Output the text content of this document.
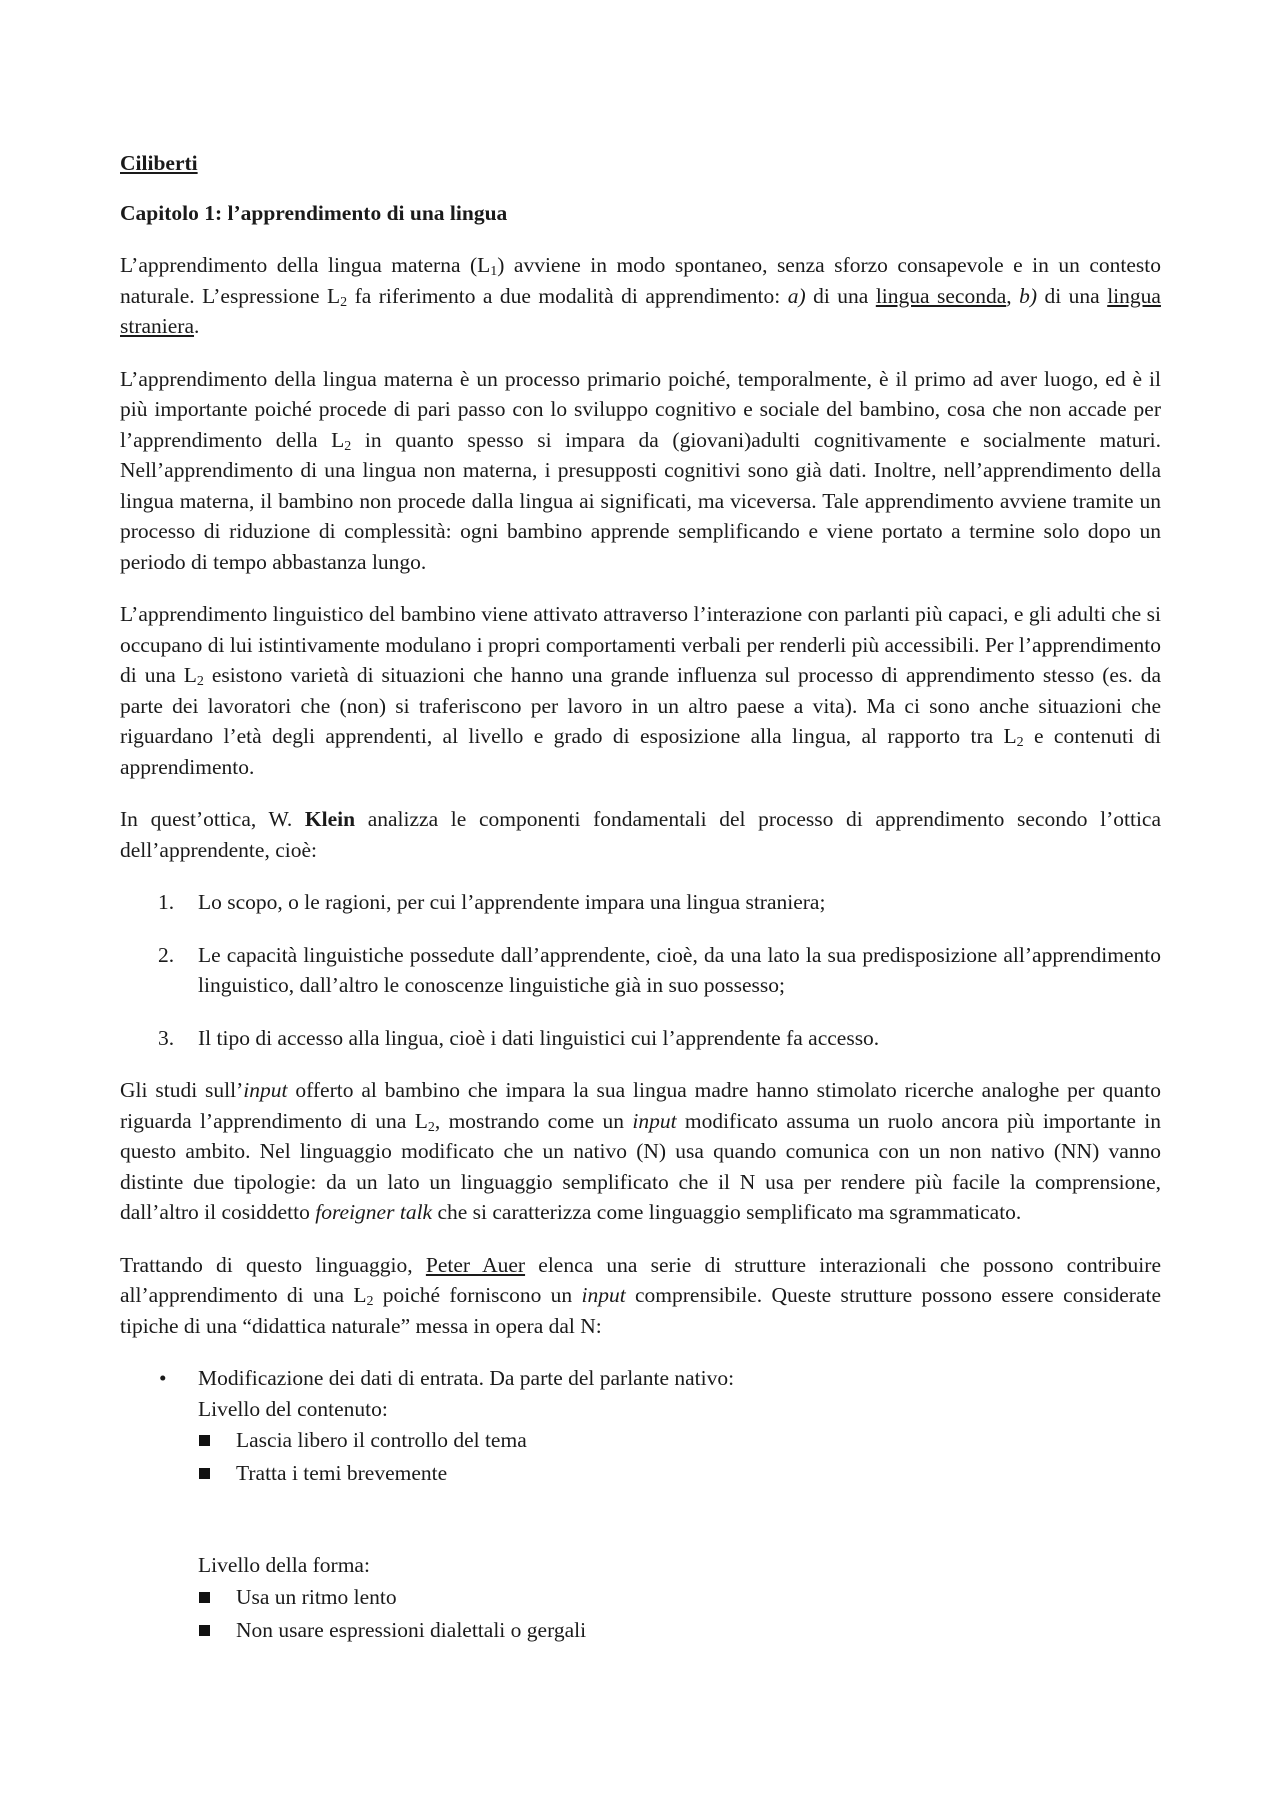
Ciliberti

Capitolo 1: l’apprendimento di una lingua

L’apprendimento della lingua materna $(L_1)$ avviene in modo spontaneo, senza sforzo consapevole e in un contesto naturale. L’espressione $L_2$ fa riferimento a due modalità di apprendimento: a) di una lingua seconda, b) di una lingua straniera.

L’apprendimento della lingua materna è un processo primario poiché, temporalmente, è il primo ad aver luogo, ed è il più importante poiché procede di pari passo con lo sviluppo cognitivo e sociale del bambino, cosa che non accade per l’apprendimento della $L_2$ in quanto spesso si impara da (giovani)adulti cognitivamente e socialmente maturi. Nell’apprendimento di una lingua non materna, i presupposti cognitivi sono già dati. Inoltre, nell’apprendimento della lingua materna, il bambino non procede dalla lingua ai significati, ma viceversa. Tale apprendimento avviene tramite un processo di riduzione di complessità: ogni bambino apprende semplificando e viene portato a termine solo dopo un periodo di tempo abbastanza lungo.

L’apprendimento linguistico del bambino viene attivato attraverso l’interazione con parlanti più capaci, e gli adulti che si occupano di lui istintivamente modulano i propri comportamenti verbali per renderli più accessibili. Per l’apprendimento di una $L_2$ esistono varietà di situazioni che hanno una grande influenza sul processo di apprendimento stesso (es. da parte dei lavoratori che (non) si traferiscono per lavoro in un altro paese a vita). Ma ci sono anche situazioni che riguardano l’età degli apprendenti, al livello e grado di esposizione alla lingua, al rapporto tra $L_2$ e contenuti di apprendimento.

In quest’ottica, W. Klein analizza le componenti fondamentali del processo di apprendimento secondo l’ottica dell’apprendente, cioè:

1. Lo scopo, o le ragioni, per cui l’apprendente impara una lingua straniera;
2. Le capacità linguistiche possedute dall’apprendente, cioè, da una lato la sua predisposizione all’apprendimento linguistico, dall’altro le conoscenze linguistiche già in suo possesso;
3. Il tipo di accesso alla lingua, cioè i dati linguistici cui l’apprendente fa accesso.

Gli studi sull’input offerto al bambino che impara la sua lingua madre hanno stimolato ricerche analoghe per quanto riguarda l’apprendimento di una $L_2$, mostrando come un input modificato assuma un ruolo ancora più importante in questo ambito. Nel linguaggio modificato che un nativo (N) usa quando comunica con un non nativo (NN) vanno distinte due tipologie: da un lato un linguaggio semplificato che il N usa per rendere più facile la comprensione, dall’altro il cosiddetto foreigner talk che si caratterizza come linguaggio semplificato ma sgrammaticato.

Trattando di questo linguaggio, Peter Auer elenca una serie di strutture interazionali che possono contribuire all’apprendimento di una $L_2$ poiché forniscono un input comprensibile. Queste strutture possono essere considerate tipiche di una “didattica naturale” messa in opera dal N:

• Modificazione dei dati di entrata. Da parte del parlante nativo:
Livello del contenuto:
Lascia libero il controllo del tema
Tratta i temi brevemente
Livello della forma:
Usa un ritmo lento
Non usare espressioni dialettali o gergali
